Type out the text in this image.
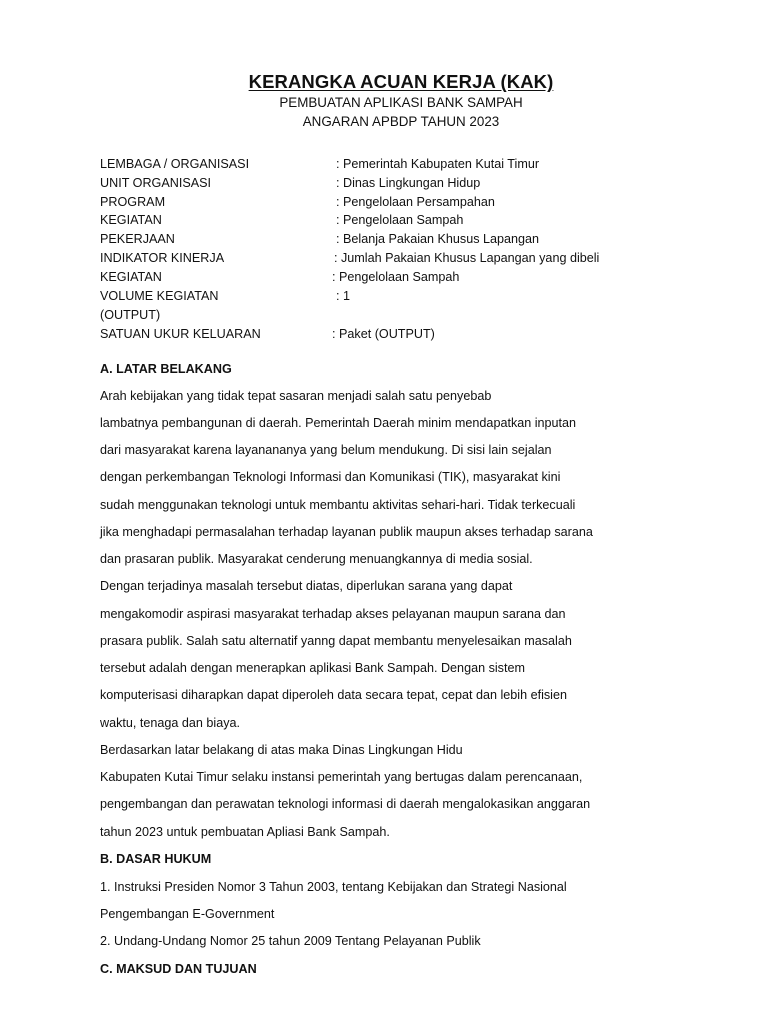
KERANGKA ACUAN KERJA (KAK)
PEMBUATAN APLIKASI BANK SAMPAH
ANGARAN APBDP TAHUN 2023
LEMBAGA / ORGANISASI	: Pemerintah Kabupaten Kutai Timur
UNIT ORGANISASI	: Dinas Lingkungan Hidup
PROGRAM	: Pengelolaan Persampahan
KEGIATAN	: Pengelolaan Sampah
PEKERJAAN	: Belanja Pakaian Khusus Lapangan
INDIKATOR KINERJA	: Jumlah Pakaian Khusus Lapangan yang dibeli
KEGIATAN	: Pengelolaan Sampah
VOLUME KEGIATAN	: 1
(OUTPUT)
SATUAN UKUR KELUARAN	: Paket (OUTPUT)
A. LATAR BELAKANG
Arah kebijakan yang tidak tepat sasaran menjadi salah satu penyebab
lambatnya pembangunan di daerah. Pemerintah Daerah minim mendapatkan inputan
dari masyarakat karena layanananya yang belum mendukung. Di sisi lain sejalan
dengan perkembangan Teknologi Informasi dan Komunikasi (TIK), masyarakat kini
sudah menggunakan teknologi untuk membantu aktivitas sehari-hari. Tidak terkecuali
jika menghadapi permasalahan terhadap layanan publik maupun akses terhadap sarana
dan prasaran publik. Masyarakat cenderung menuangkannya di media sosial.
Dengan terjadinya masalah tersebut diatas, diperlukan sarana yang dapat
mengakomodir aspirasi masyarakat terhadap akses pelayanan maupun sarana dan
prasara publik. Salah satu alternatif yanng dapat membantu menyelesaikan masalah
tersebut adalah dengan menerapkan aplikasi Bank Sampah. Dengan sistem
komputerisasi diharapkan dapat diperoleh data secara tepat, cepat dan lebih efisien
waktu, tenaga dan biaya.
Berdasarkan latar belakang di atas maka Dinas Lingkungan Hidu
Kabupaten Kutai Timur selaku instansi pemerintah yang bertugas dalam perencanaan,
pengembangan dan perawatan teknologi informasi di daerah mengalokasikan anggaran
tahun 2023 untuk pembuatan Apliasi Bank Sampah.
B. DASAR HUKUM
1. Instruksi Presiden Nomor 3 Tahun 2003, tentang Kebijakan dan Strategi Nasional
Pengembangan E-Government
2. Undang-Undang Nomor 25 tahun 2009 Tentang Pelayanan Publik
C. MAKSUD DAN TUJUAN
